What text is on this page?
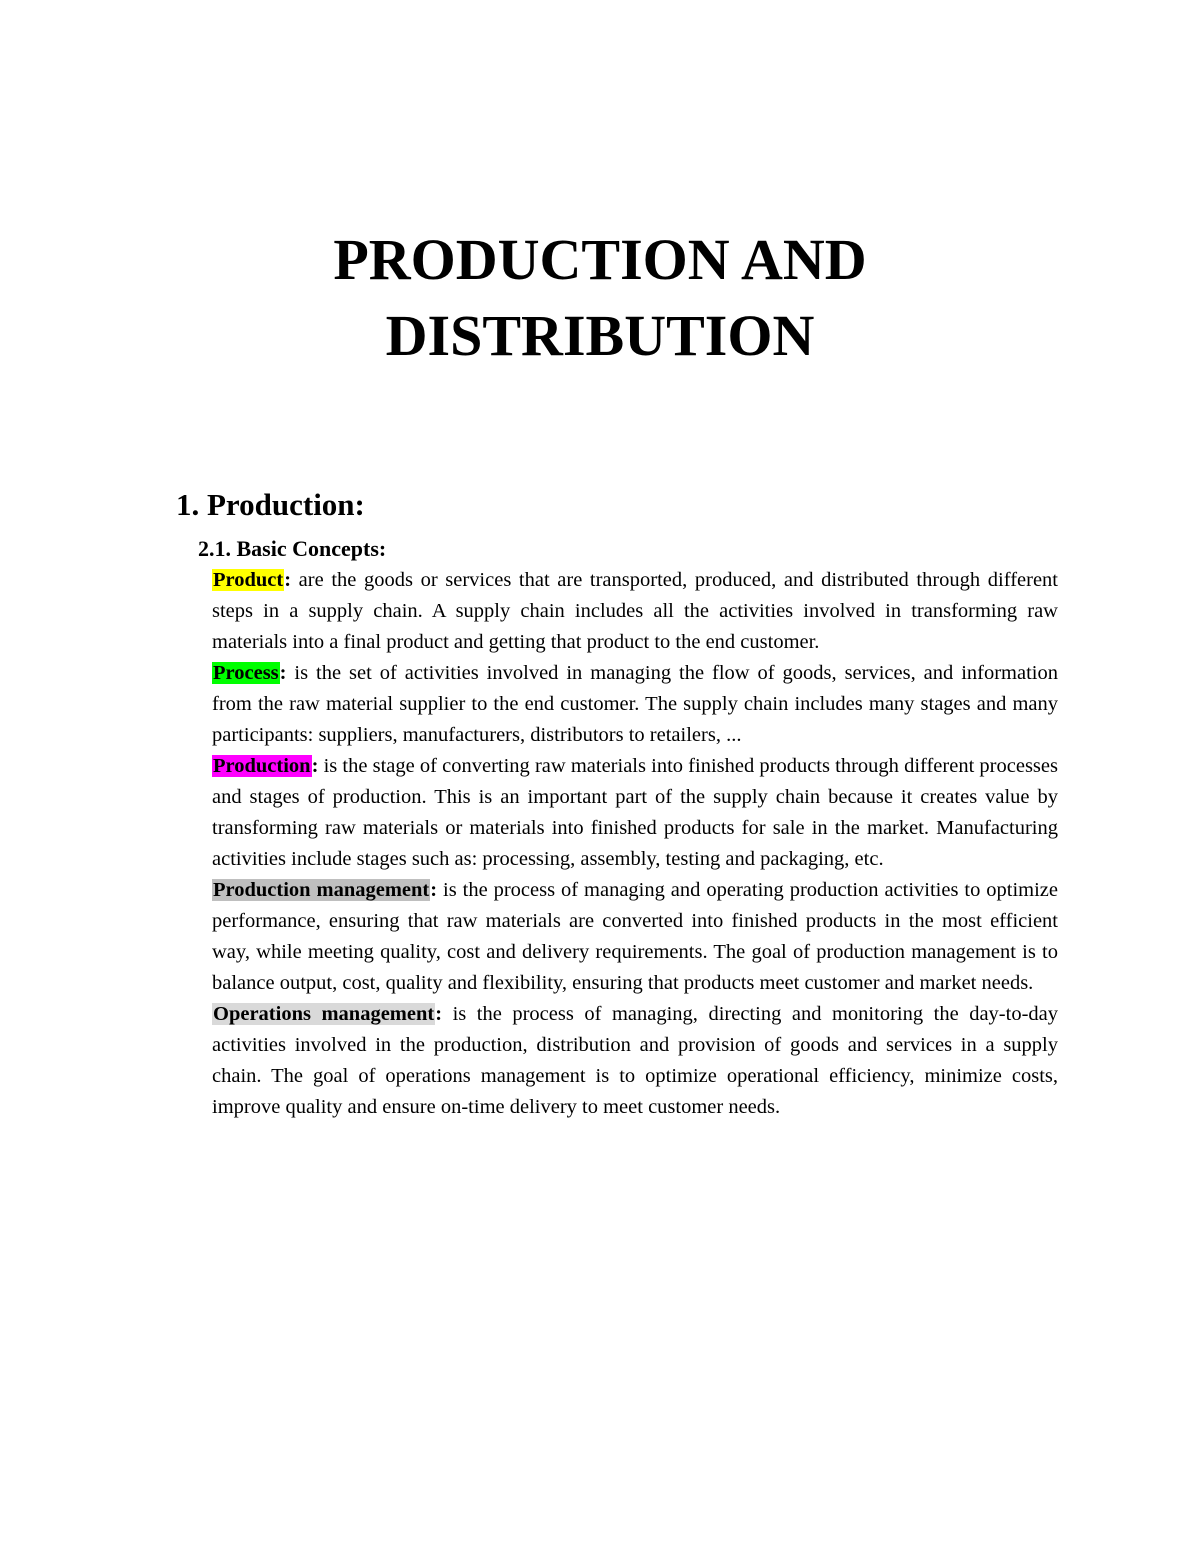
PRODUCTION AND
DISTRIBUTION
1. Production:
2.1. Basic Concepts:

Product: are the goods or services that are transported, produced, and distributed through different steps in a supply chain. A supply chain includes all the activities involved in transforming raw materials into a final product and getting that product to the end customer.

Process: is the set of activities involved in managing the flow of goods, services, and information from the raw material supplier to the end customer. The supply chain includes many stages and many participants: suppliers, manufacturers, distributors to retailers, ...

Production: is the stage of converting raw materials into finished products through different processes and stages of production. This is an important part of the supply chain because it creates value by transforming raw materials or materials into finished products for sale in the market. Manufacturing activities include stages such as: processing, assembly, testing and packaging, etc.

Production management: is the process of managing and operating production activities to optimize performance, ensuring that raw materials are converted into finished products in the most efficient way, while meeting quality, cost and delivery requirements. The goal of production management is to balance output, cost, quality and flexibility, ensuring that products meet customer and market needs.

Operations management: is the process of managing, directing and monitoring the day-to-day activities involved in the production, distribution and provision of goods and services in a supply chain. The goal of operations management is to optimize operational efficiency, minimize costs, improve quality and ensure on-time delivery to meet customer needs.
